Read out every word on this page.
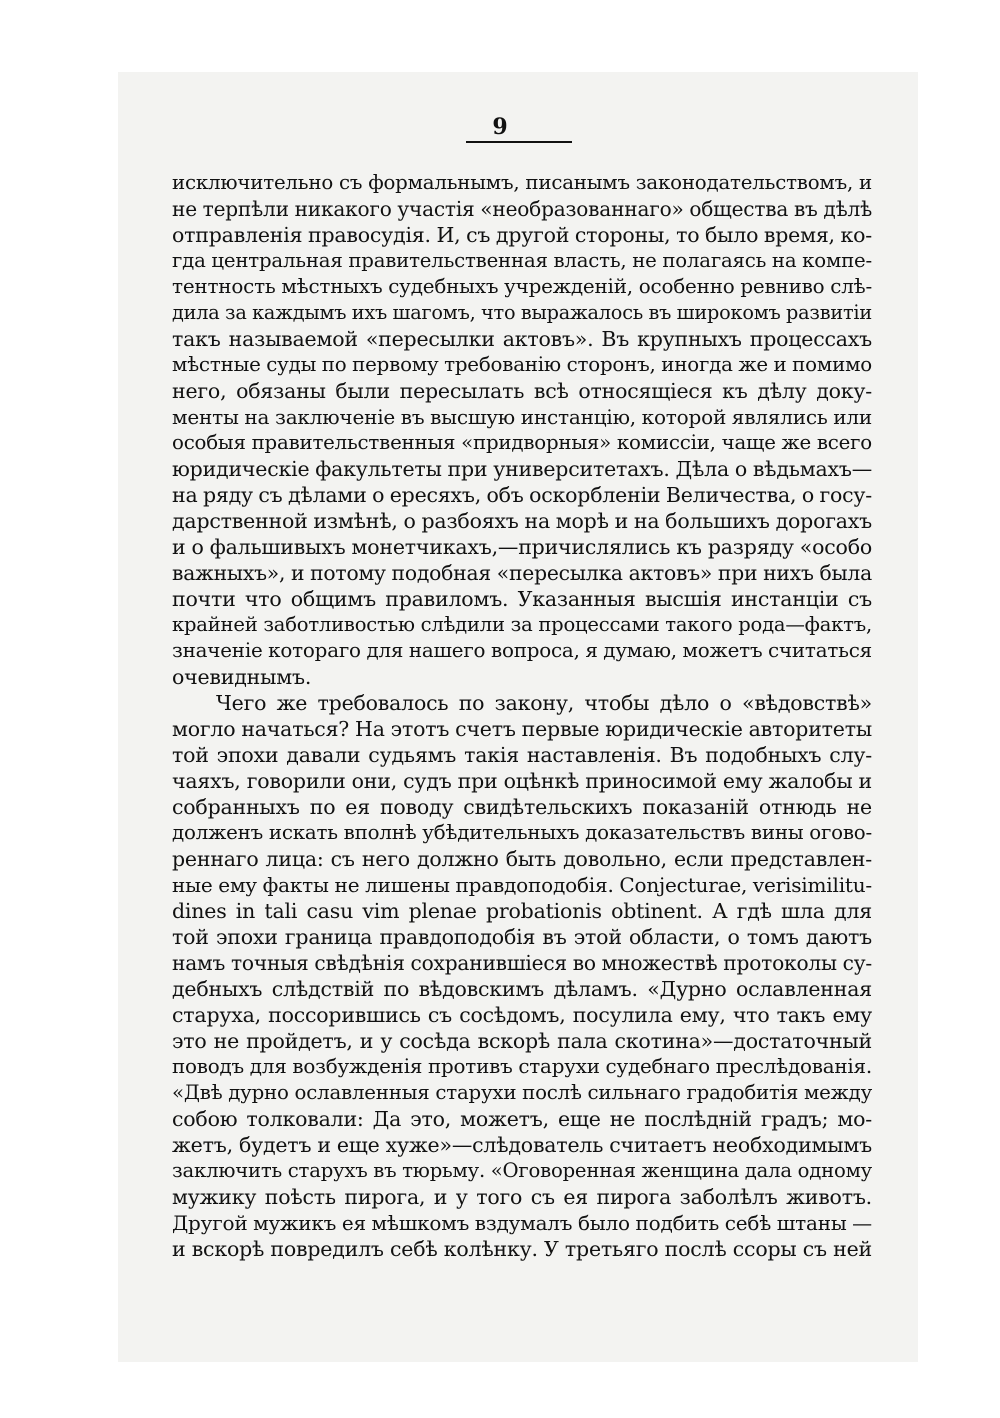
9
исключительно съ формальнымъ, писанымъ законодательствомъ, и
не терпѣли никакого участія «необразованнаго» общества въ дѣлѣ
отправленія правосудія. И, съ другой стороны, то было время, ко-
гда центральная правительственная власть, не полагаясь на компе-
тентность мѣстныхъ судебныхъ учрежденій, особенно ревниво слѣ-
дила за каждымъ ихъ шагомъ, что выражалось въ широкомъ развитіи
такъ называемой «пересылки актовъ». Въ крупныхъ процессахъ
мѣстные суды по первому требованію сторонъ, иногда же и помимо
него, обязаны были пересылать всѣ относящіеся къ дѣлу доку-
менты на заключеніе въ высшую инстанцію, которой являлись или
особыя правительственныя «придворныя» комиссіи, чаще же всего
юридическіе факультеты при университетахъ. Дѣла о вѣдьмахъ—
на ряду съ дѣлами о ересяхъ, объ оскорбленіи Величества, о госу-
дарственной измѣнѣ, о разбояхъ на морѣ и на большихъ дорогахъ
и о фальшивыхъ монетчикахъ,—причислялись къ разряду «особо
важныхъ», и потому подобная «пересылка актовъ» при нихъ была
почти что общимъ правиломъ. Указанныя высшія инстанціи съ
крайней заботливостью слѣдили за процессами такого рода—фактъ,
значеніе котораго для нашего вопроса, я думаю, можетъ считаться
очевиднымъ.
Чего же требовалось по закону, чтобы дѣло о «вѣдовствѣ»
могло начаться? На этотъ счетъ первые юридическіе авторитеты
той эпохи давали судьямъ такія наставленія. Въ подобныхъ слу-
чаяхъ, говорили они, судъ при оцѣнкѣ приносимой ему жалобы и
собранныхъ по ея поводу свидѣтельскихъ показаній отнюдь не
долженъ искать вполнѣ убѣдительныхъ доказательствъ вины огово-
реннаго лица: съ него должно быть довольно, если представлен-
ные ему факты не лишены правдоподобія. Conjecturae, verisimilitu-
dines in tali casu vim plenae probationis obtinent. А гдѣ шла для
той эпохи граница правдоподобія въ этой области, о томъ даютъ
намъ точныя свѣдѣнія сохранившіеся во множествѣ протоколы су-
дебныхъ слѣдствій по вѣдовскимъ дѣламъ. «Дурно ославленная
старуха, поссорившись съ сосѣдомъ, посулила ему, что такъ ему
это не пройдетъ, и у сосѣда вскорѣ пала скотина»—достаточный
поводъ для возбужденія противъ старухи судебнаго преслѣдованія.
«Двѣ дурно ославленныя старухи послѣ сильнаго градобитія между
собою толковали: Да это, можетъ, еще не послѣдній градъ; мо-
жетъ, будетъ и еще хуже»—слѣдователь считаетъ необходимымъ
заключить старухъ въ тюрьму. «Оговоренная женщина дала одному
мужику поѣсть пирога, и у того съ ея пирога заболѣлъ животъ.
Другой мужикъ ея мѣшкомъ вздумалъ было подбить себѣ штаны —
и вскорѣ повредилъ себѣ колѣнку. У третьяго послѣ ссоры съ ней
